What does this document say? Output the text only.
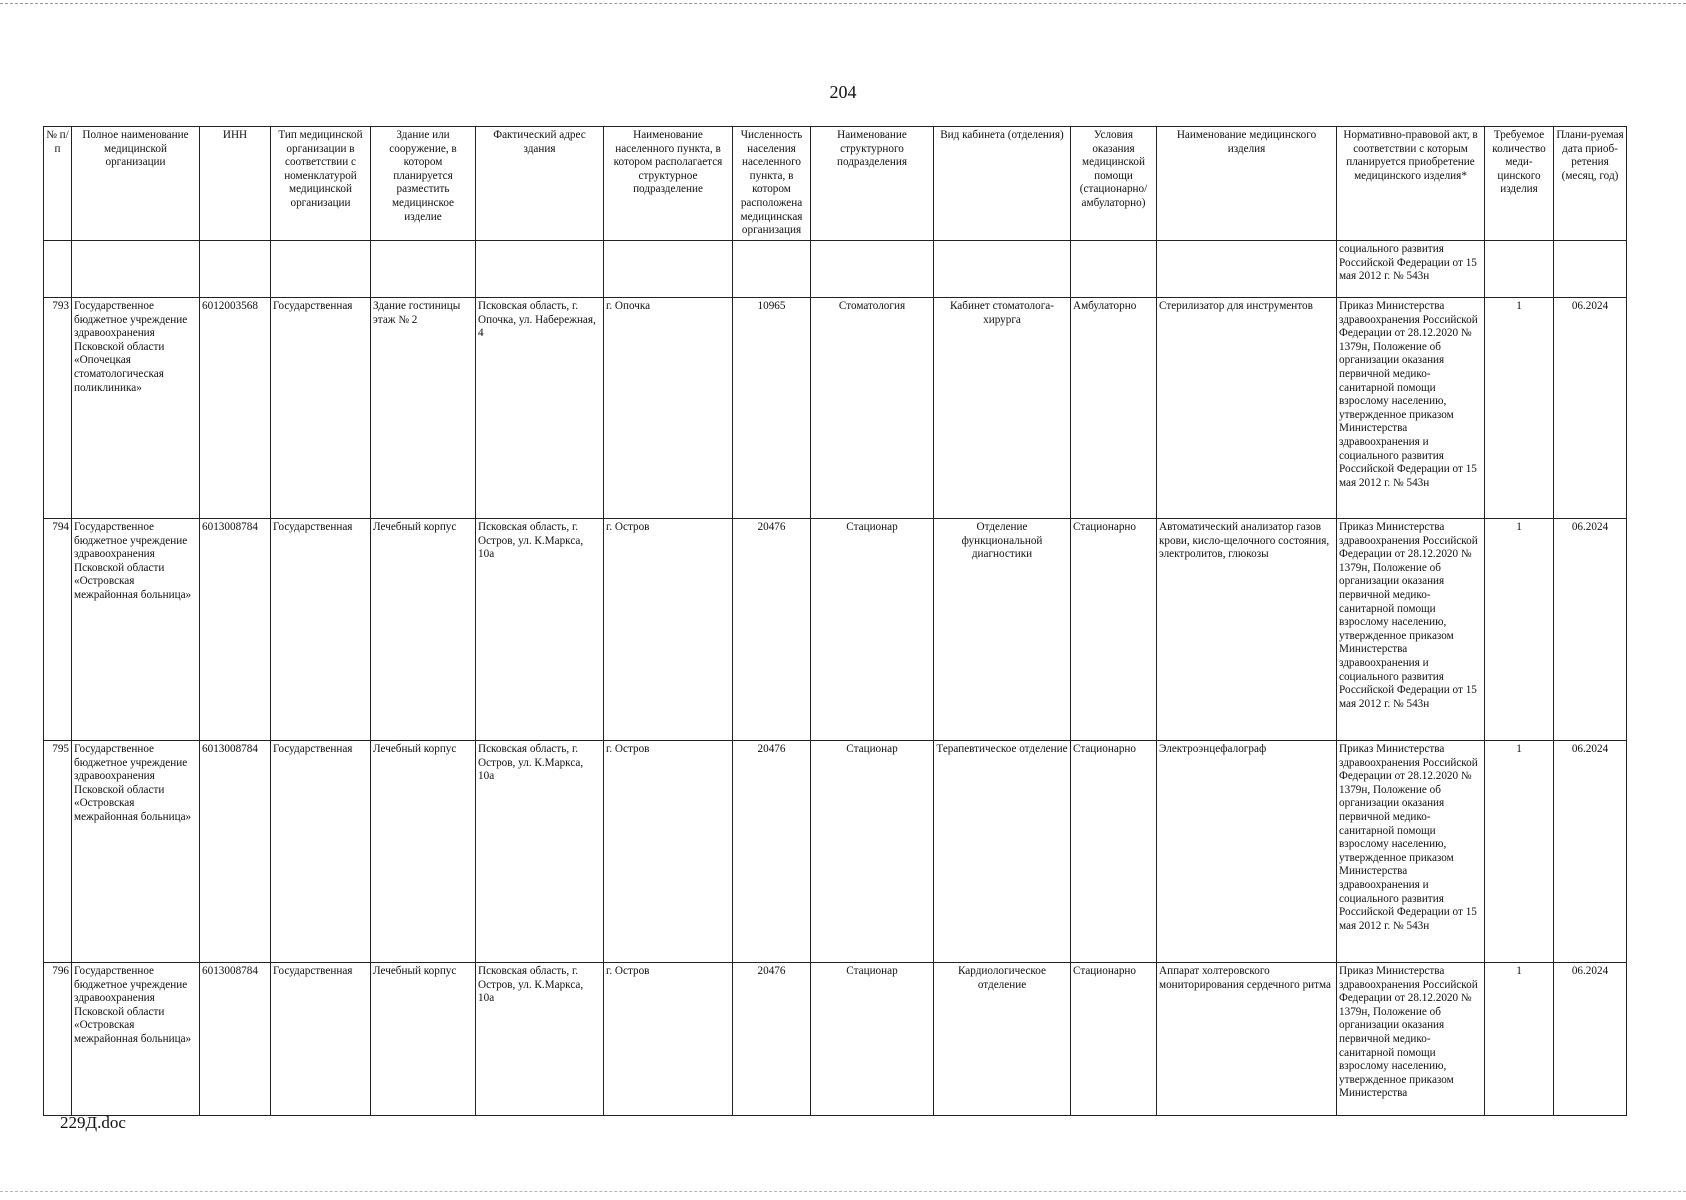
204
№ п/п	Полное наименование медицинской организации	ИНН	Тип медицинской организации в соответствии с номенклатурой медицинской организации	Здание или сооружение, в котором планируется разместить медицинское изделие	Фактический адрес здания	Наименование населенного пункта, в котором располагается структурное подразделение	Численность населения населенного пункта, в котором расположена медицинская организация	Наименование структурного подразделения	Вид кабинета (отделения)	Условия оказания медицинской помощи (стационарно/ амбулаторно)	Наименование медицинского изделия	Нормативно-правовой акт, в соответствии с которым планируется приобретение медицинского изделия*	Требуемое количество меди-цинского изделия	Плани-руемая дата приоб-ретения (месяц, год)
												социального развития Российской Федерации от 15 мая 2012 г. № 543н		
793	Государственное бюджетное учреждение здравоохранения Псковской области «Опочецкая стоматологическая поликлиника»	6012003568	Государственная	Здание гостиницы этаж № 2	Псковская область, г. Опочка, ул. Набережная, 4	г. Опочка	10965	Стоматология	Кабинет стоматолога-хирурга	Амбулаторно	Стерилизатор для инструментов	Приказ Министерства здравоохранения Российской Федерации от 28.12.2020 № 1379н, Положение об организации оказания первичной медико-санитарной помощи взрослому населению, утвержденное приказом Министерства здравоохранения и социального развития Российской Федерации от 15 мая 2012 г. № 543н	1	06.2024
794	Государственное бюджетное учреждение здравоохранения Псковской области «Островская межрайонная больница»	6013008784	Государственная	Лечебный корпус	Псковская область, г. Остров, ул. К.Маркса, 10а	г. Остров	20476	Стационар	Отделение функциональной диагностики	Стационарно	Автоматический анализатор газов крови, кисло-щелочного состояния, электролитов, глюкозы	Приказ Министерства здравоохранения Российской Федерации от 28.12.2020 № 1379н, Положение об организации оказания первичной медико-санитарной помощи взрослому населению, утвержденное приказом Министерства здравоохранения и социального развития Российской Федерации от 15 мая 2012 г. № 543н	1	06.2024
795	Государственное бюджетное учреждение здравоохранения Псковской области «Островская межрайонная больница»	6013008784	Государственная	Лечебный корпус	Псковская область, г. Остров, ул. К.Маркса, 10а	г. Остров	20476	Стационар	Терапевтическое отделение	Стационарно	Электроэнцефалограф	Приказ Министерства здравоохранения Российской Федерации от 28.12.2020 № 1379н, Положение об организации оказания первичной медико-санитарной помощи взрослому населению, утвержденное приказом Министерства здравоохранения и социального развития Российской Федерации от 15 мая 2012 г. № 543н	1	06.2024
796	Государственное бюджетное учреждение здравоохранения Псковской области «Островская межрайонная больница»	6013008784	Государственная	Лечебный корпус	Псковская область, г. Остров, ул. К.Маркса, 10а	г. Остров	20476	Стационар	Кардиологическое отделение	Стационарно	Аппарат холтеровского мониторирования сердечного ритма	Приказ Министерства здравоохранения Российской Федерации от 28.12.2020 № 1379н, Положение об организации оказания первичной медико-санитарной помощи взрослому населению, утвержденное приказом Министерства	1	06.2024
229Д.doc
